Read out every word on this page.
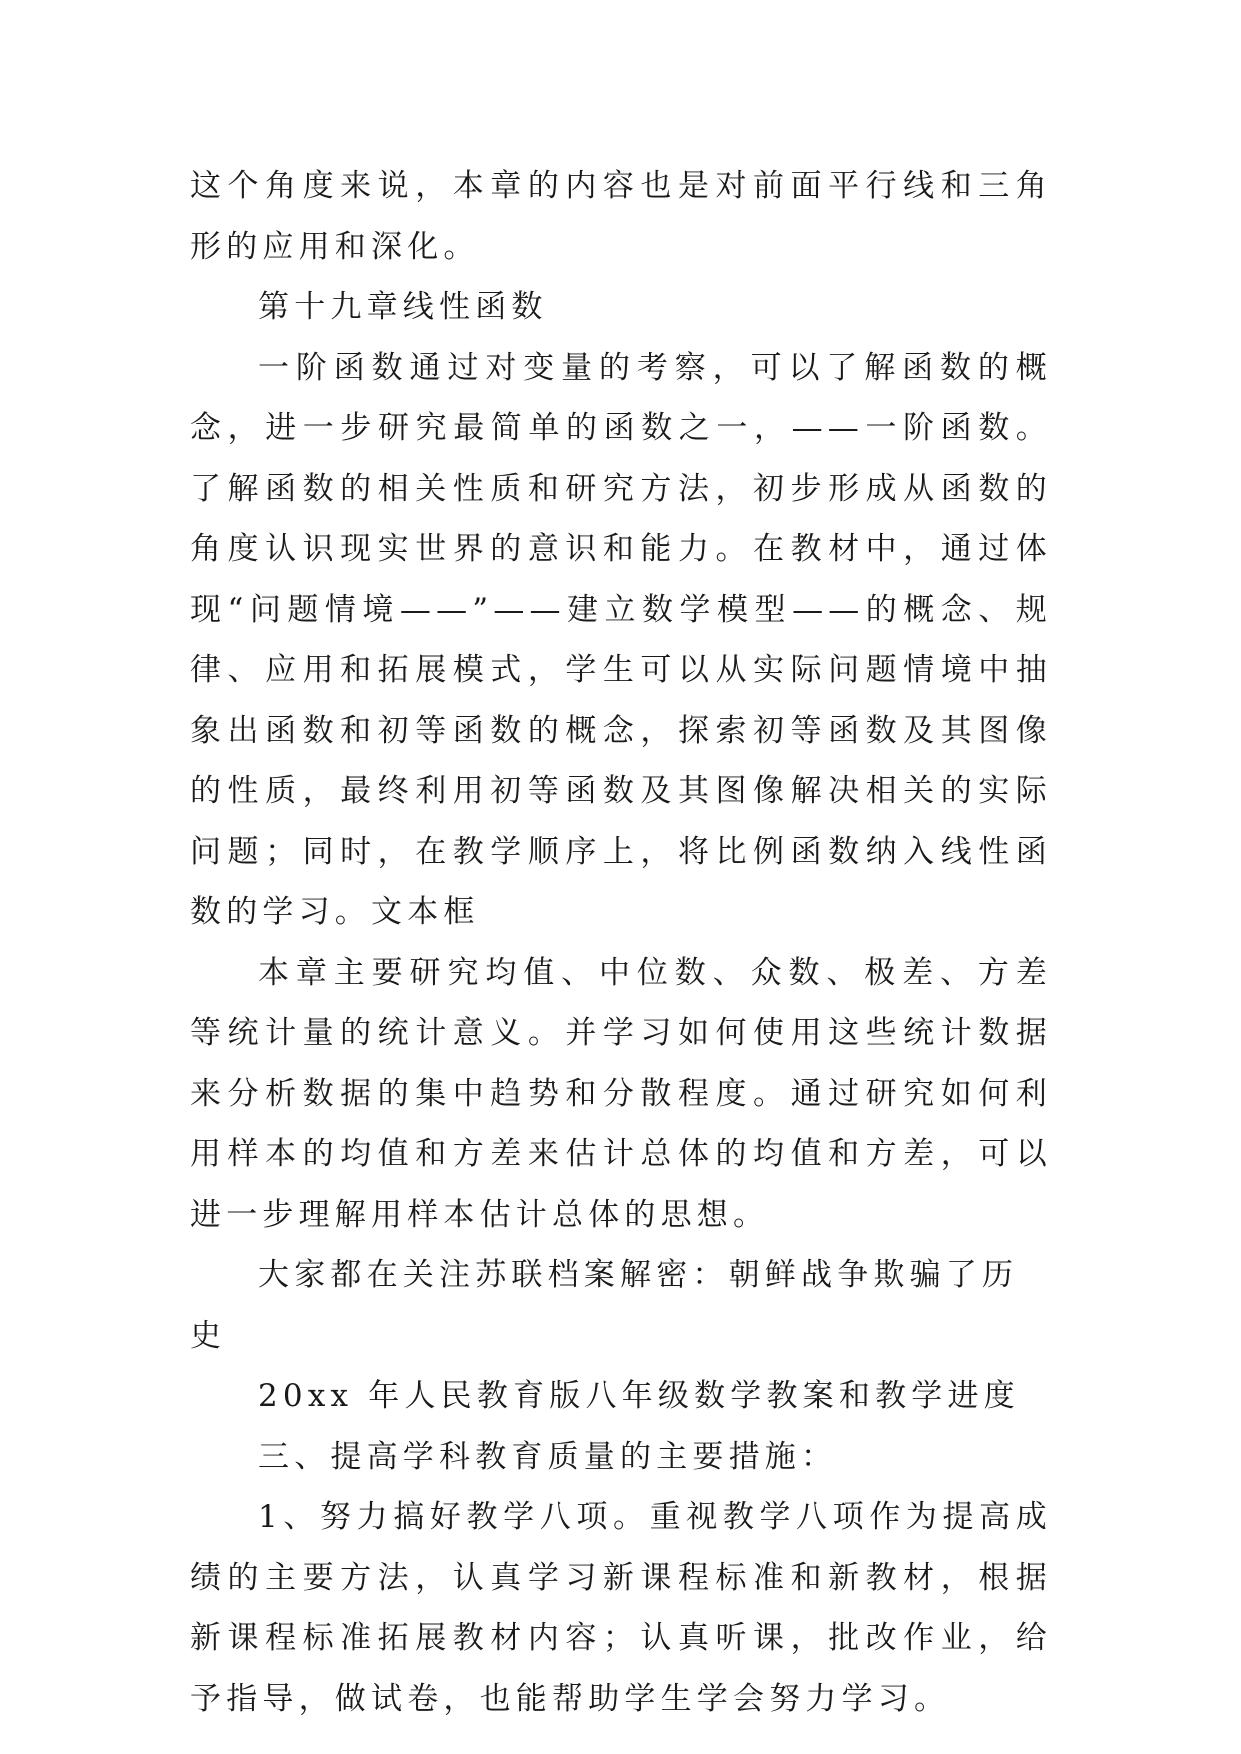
这个角度来说，本章的内容也是对前面平行线和三角形的应用和深化。

第十九章线性函数

一阶函数通过对变量的考察，可以了解函数的概念，进一步研究最简单的函数之一，——一阶函数。了解函数的相关性质和研究方法，初步形成从函数的角度认识现实世界的意识和能力。在教材中，通过体现“问题情境——”——建立数学模型——的概念、规律、应用和拓展模式，学生可以从实际问题情境中抽象出函数和初等函数的概念，探索初等函数及其图像的性质，最终利用初等函数及其图像解决相关的实际问题；同时，在教学顺序上，将比例函数纳入线性函数的学习。文本框

本章主要研究均值、中位数、众数、极差、方差等统计量的统计意义。并学习如何使用这些统计数据来分析数据的集中趋势和分散程度。通过研究如何利用样本的均值和方差来估计总体的均值和方差，可以进一步理解用样本估计总体的思想。

大家都在关注苏联档案解密：朝鲜战争欺骗了历史

20xx 年人民教育版八年级数学教案和教学进度

三、提高学科教育质量的主要措施：

1、努力搞好教学八项。重视教学八项作为提高成绩的主要方法，认真学习新课程标准和新教材，根据新课程标准拓展教材内容；认真听课，批改作业，给予指导，做试卷，也能帮助学生学会努力学习。
